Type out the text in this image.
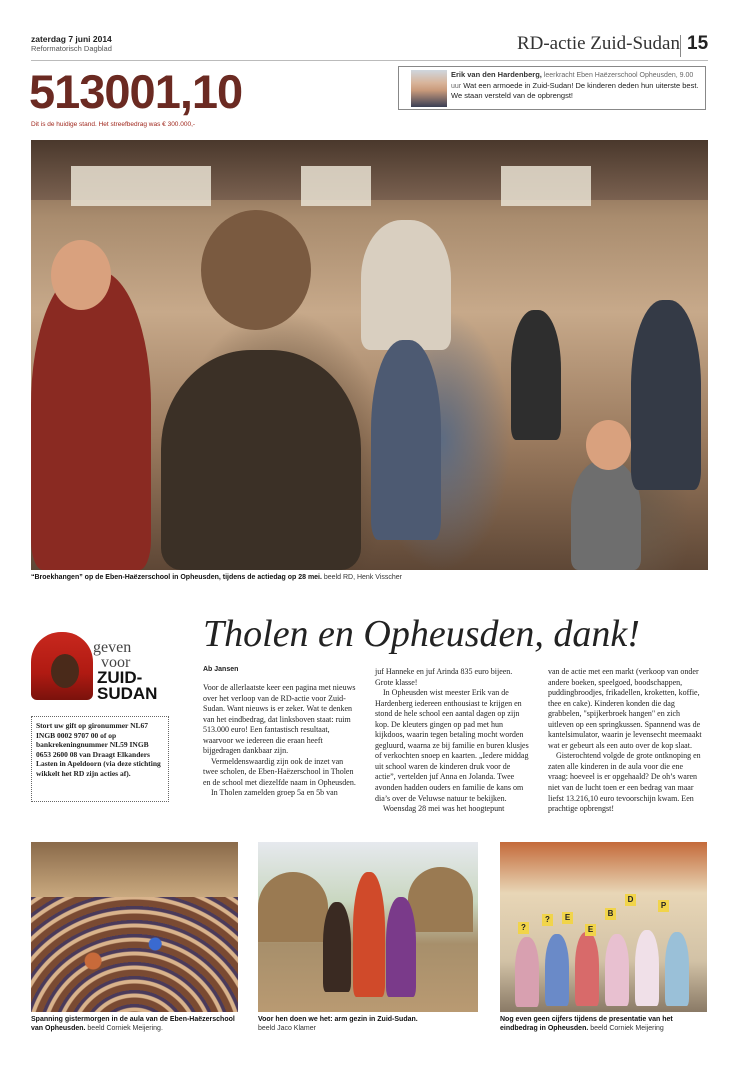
zaterdag 7 juni 2014
Reformatorisch Dagblad	RD-actie Zuid-Sudan 15
513001,10
Dit is de huidige stand. Het streefbedrag was € 300.000,-
Erik van den Hardenberg, leerkracht Eben Haëzerschool Opheusden, 9.00 uur Wat een armoede in Zuid-Sudan! De kinderen deden hun uiterste best. We staan versteld van de opbrengst!
“Broekhangen” op de Eben-Haëzerschool in Opheusden, tijdens de actiedag op 28 mei. beeld RD, Henk Visscher
geven
voor
ZUID-
SUDAN
Stort uw gift op gironummer NL67 INGB 0002 9707 00 of op bankrekeningnummer NL59 INGB 0653 2600 08 van Draagt Elkanders Lasten in Apeldoorn (via deze stichting wikkelt het RD zijn acties af).
Tholen en Opheusden, dank!
Ab Jansen

Voor de allerlaatste keer een pagina met nieuws over het verloop van de RD-actie voor Zuid-Sudan. Want nieuws is er zeker. Wat te denken van het eindbedrag, dat linksboven staat: ruim 513.000 euro! Een fantastisch resultaat, waarvoor we iedereen die eraan heeft bijgedragen dankbaar zijn.

Vermeldenswaardig zijn ook de inzet van twee scholen, de Eben-Haëzerschool in Tholen en de school met diezelfde naam in Opheusden.

In Tholen zamelden groep 5a en 5b van

juf Hanneke en juf Arinda 835 euro bijeen. Grote klasse!

In Opheusden wist meester Erik van de Hardenberg iedereen enthousiast te krijgen en stond de hele school een aantal dagen op zijn kop. De kleuters gingen op pad met hun kijkdoos, waarin tegen betaling mocht worden gegluurd, waarna ze bij familie en buren klusjes of verkochten snoep en kaarten. „Iedere middag uit school waren de kinderen druk voor de actie”, vertelden juf Anna en Jolanda. Twee avonden hadden ouders en familie de kans om dia’s over de Veluwse natuur te bekijken.

Woensdag 28 mei was het hoogtepunt

van de actie met een markt (verkoop van onder andere boeken, speelgoed, boodschappen, puddingbroodjes, frikadellen, kroketten, koffie, thee en cake). Kinderen konden die dag grabbelen, "spijkerbroek hangen" en zich uitleven op een springkussen. Spannend was de kantelsimulator, waarin je levensecht meemaakt wat er gebeurt als een auto over de kop slaat.

Gisterochtend volgde de grote ontknoping en zaten alle kinderen in de aula voor die ene vraag: hoeveel is er opgehaald? De oh’s waren niet van de lucht toen er een bedrag van maar liefst 13.216,10 euro tevoorschijn kwam. Een prachtige opbrengst!

?
?	E
E
B
D
P
Spanning gistermorgen in de aula van de Eben-Haëzerschool van Opheusden. beeld Corniek Meijering.
Voor hen doen we het: arm gezin in Zuid-Sudan.
beeld Jaco Klamer
Nog even geen cijfers tijdens de presentatie van het eindbedrag in Opheusden. beeld Corniek Meijering
